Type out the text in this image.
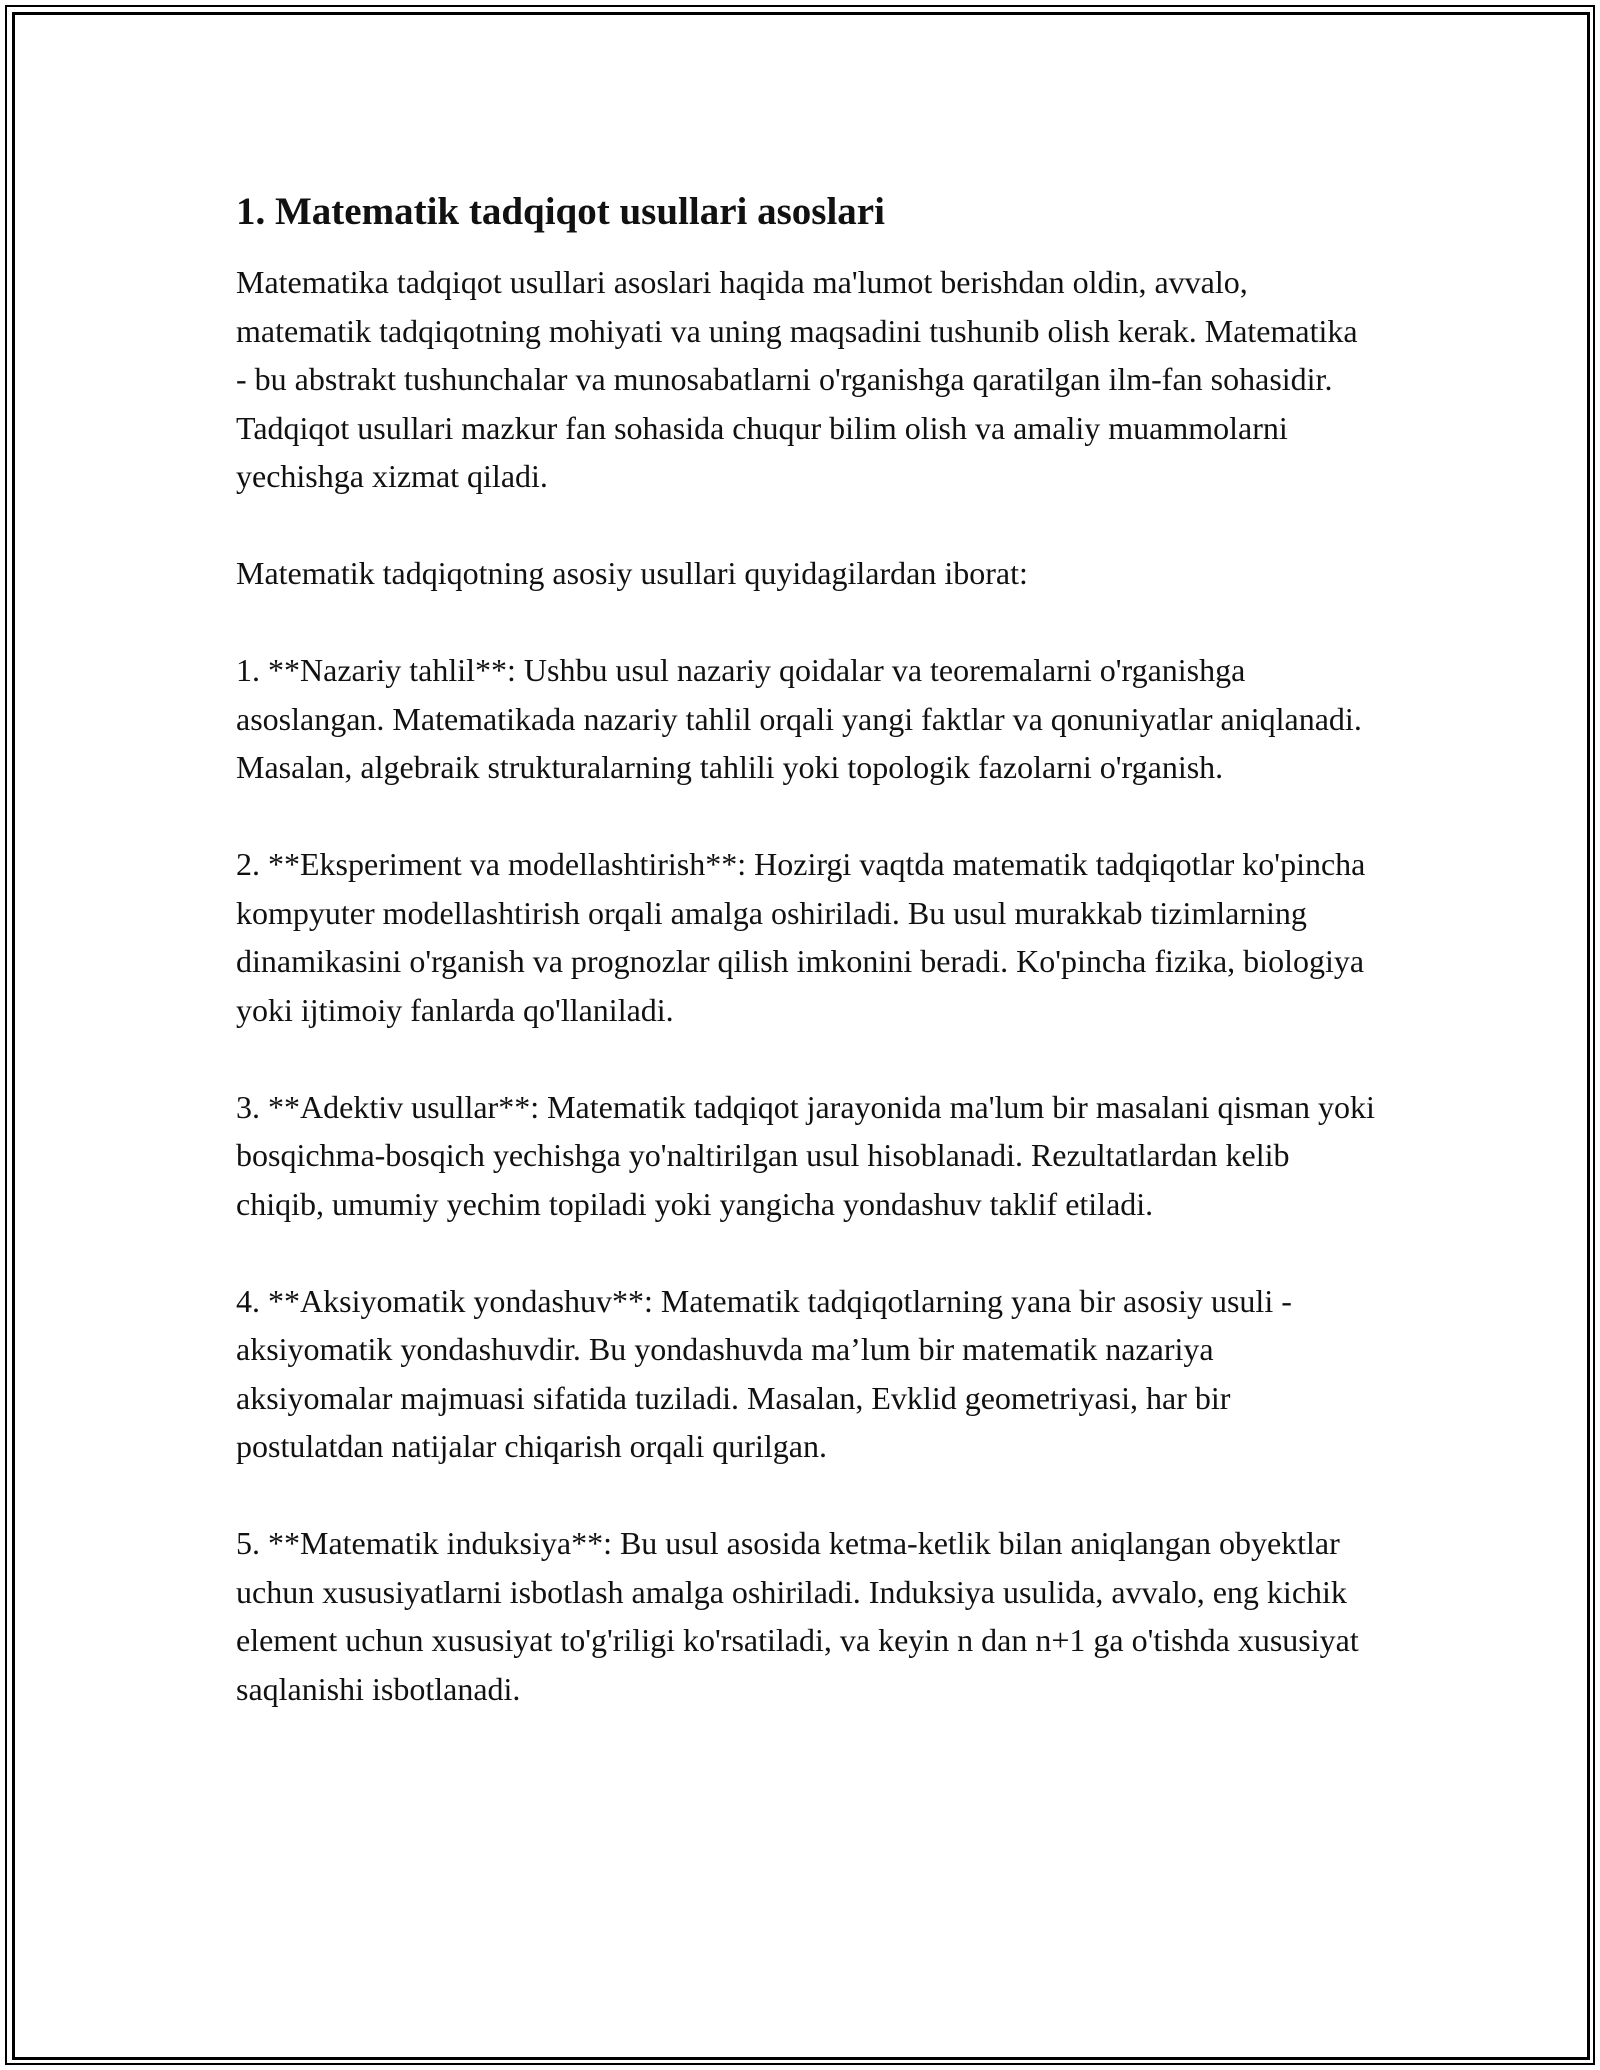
1. Matematik tadqiqot usullari asoslari

Matematika tadqiqot usullari asoslari haqida ma'lumot berishdan oldin, avvalo, matematik tadqiqotning mohiyati va uning maqsadini tushunib olish kerak. Matematika - bu abstrakt tushunchalar va munosabatlarni o'rganishga qaratilgan ilm-fan sohasidir. Tadqiqot usullari mazkur fan sohasida chuqur bilim olish va amaliy muammolarni yechishga xizmat qiladi.

Matematik tadqiqotning asosiy usullari quyidagilardan iborat:

1. **Nazariy tahlil**: Ushbu usul nazariy qoidalar va teoremalarni o'rganishga asoslangan. Matematikada nazariy tahlil orqali yangi faktlar va qonuniyatlar aniqlanadi. Masalan, algebraik strukturalarning tahlili yoki topologik fazolarni o'rganish.

2. **Eksperiment va modellashtirish**: Hozirgi vaqtda matematik tadqiqotlar ko'pincha kompyuter modellashtirish orqali amalga oshiriladi. Bu usul murakkab tizimlarning dinamikasini o'rganish va prognozlar qilish imkonini beradi. Ko'pincha fizika, biologiya yoki ijtimoiy fanlarda qo'llaniladi.

3. **Adektiv usullar**: Matematik tadqiqot jarayonida ma'lum bir masalani qisman yoki bosqichma-bosqich yechishga yo'naltirilgan usul hisoblanadi. Rezultatlardan kelib chiqib, umumiy yechim topiladi yoki yangicha yondashuv taklif etiladi.

4. **Aksiyomatik yondashuv**: Matematik tadqiqotlarning yana bir asosiy usuli - aksiyomatik yondashuvdir. Bu yondashuvda ma’lum bir matematik nazariya aksiyomalar majmuasi sifatida tuziladi. Masalan, Evklid geometriyasi, har bir postulatdan natijalar chiqarish orqali qurilgan.

5. **Matematik induksiya**: Bu usul asosida ketma-ketlik bilan aniqlangan obyektlar uchun xususiyatlarni isbotlash amalga oshiriladi. Induksiya usulida, avvalo, eng kichik element uchun xususiyat to'g'riligi ko'rsatiladi, va keyin n dan n+1 ga o'tishda xususiyat saqlanishi isbotlanadi.
